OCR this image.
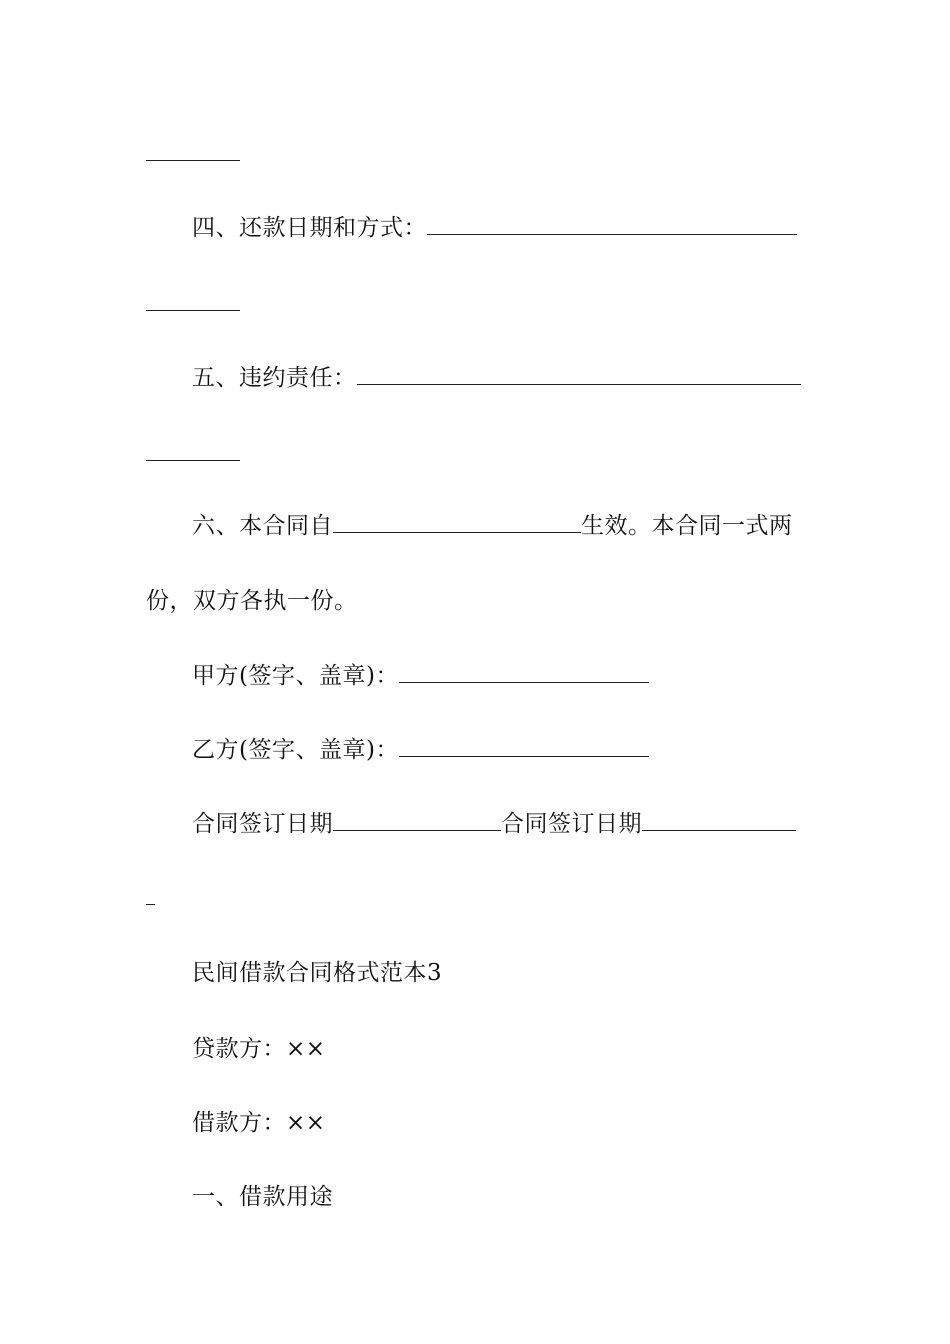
四、还款日期和方式：
五、违约责任：
六、本合同自	生效。本合同一式两
份，双方各执一份。
甲方(签字、盖章)：
乙方(签字、盖章)：
合同签订日期	合同签订日期
民间借款合同格式范本3
贷款方：××
借款方：××
一、借款用途
